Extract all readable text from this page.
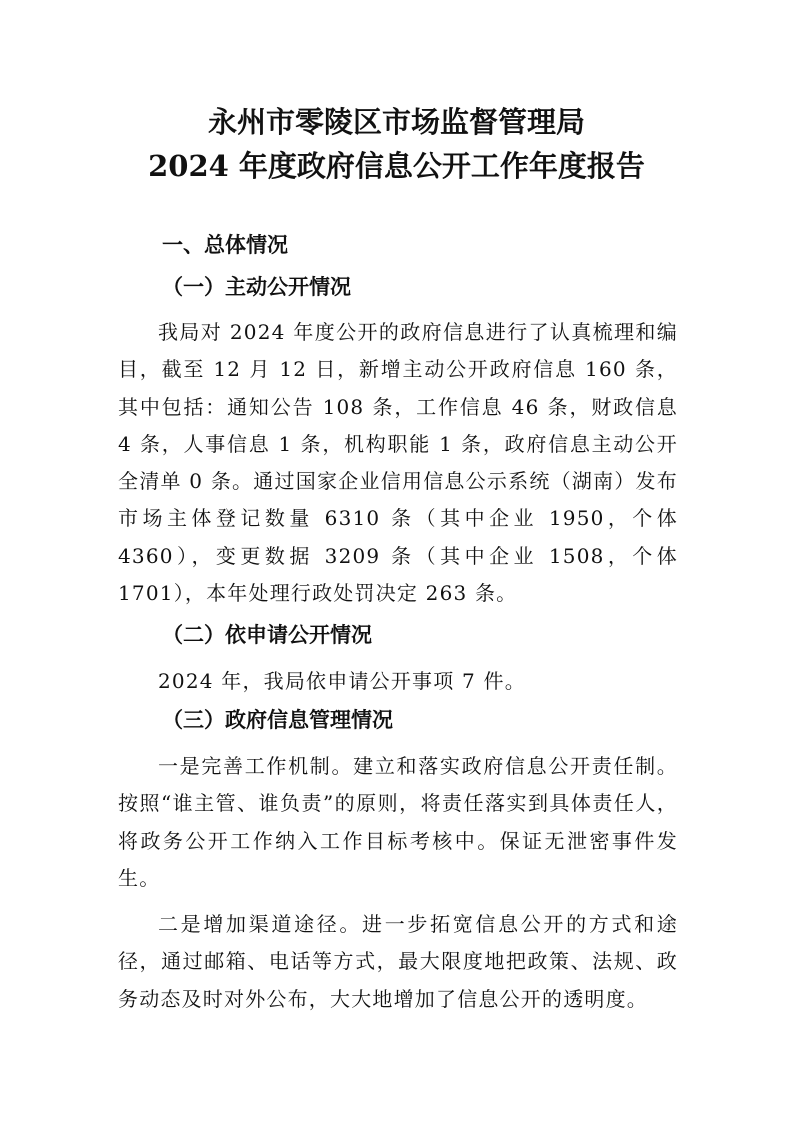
永州市零陵区市场监督管理局
2024 年度政府信息公开工作年度报告
一、总体情况
（一）主动公开情况

我局对 2024 年度公开的政府信息进行了认真梳理和编目，截至 12 月 12 日，新增主动公开政府信息 160 条，其中包括：通知公告 108 条，工作信息 46 条，财政信息 4 条，人事信息 1 条，机构职能 1 条，政府信息主动公开全清单 0 条。通过国家企业信用信息公示系统（湖南）发布市场主体登记数量 6310 条（其中企业 1950，个体 4360），变更数据 3209 条（其中企业 1508，个体 1701），本年处理行政处罚决定 263 条。

（二）依申请公开情况

2024 年，我局依申请公开事项 7 件。

（三）政府信息管理情况

一是完善工作机制。建立和落实政府信息公开责任制。按照“谁主管、谁负责”的原则，将责任落实到具体责任人，将政务公开工作纳入工作目标考核中。保证无泄密事件发生。

二是增加渠道途径。进一步拓宽信息公开的方式和途径，通过邮箱、电话等方式，最大限度地把政策、法规、政务动态及时对外公布，大大地增加了信息公开的透明度。
